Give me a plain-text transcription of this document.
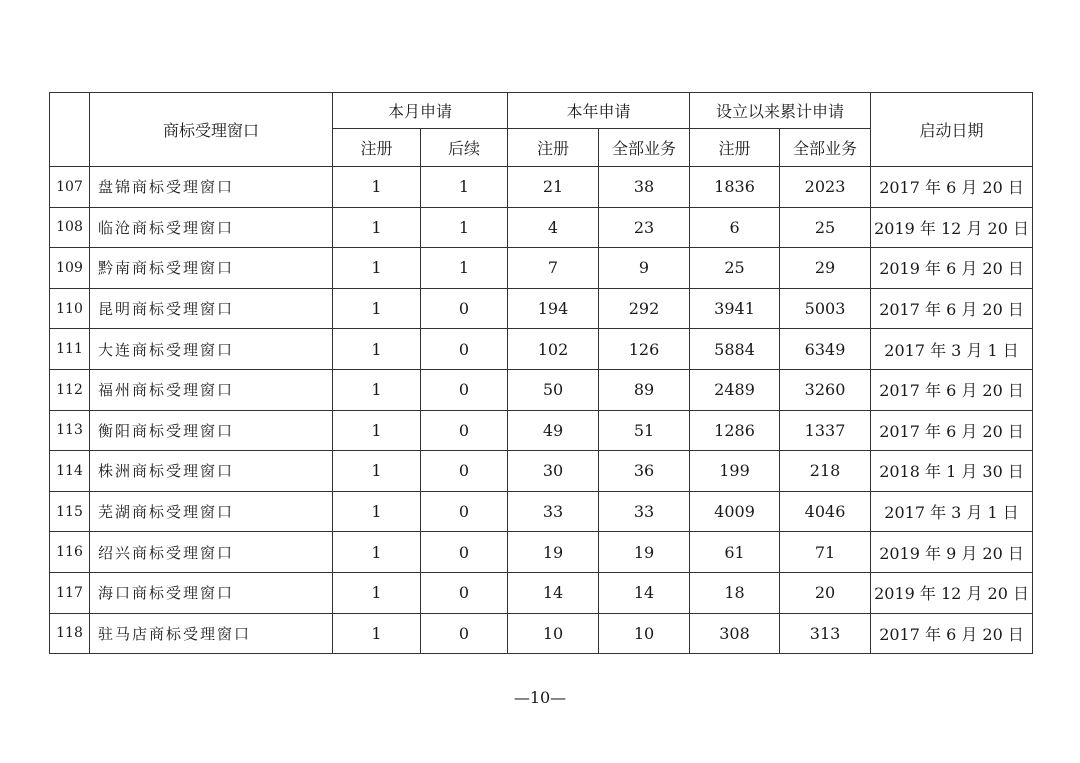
	商标受理窗口	本月申请		本年申请		设立以来累计申请		启动日期
		注册	后续	注册	全部业务	注册	全部业务	
107	盘锦商标受理窗口	1	1	21	38	1836	2023	2017 年 6 月 20 日
108	临沧商标受理窗口	1	1	4	23	6	25	2019 年 12 月 20 日
109	黔南商标受理窗口	1	1	7	9	25	29	2019 年 6 月 20 日
110	昆明商标受理窗口	1	0	194	292	3941	5003	2017 年 6 月 20 日
111	大连商标受理窗口	1	0	102	126	5884	6349	2017 年 3 月 1 日
112	福州商标受理窗口	1	0	50	89	2489	3260	2017 年 6 月 20 日
113	衡阳商标受理窗口	1	0	49	51	1286	1337	2017 年 6 月 20 日
114	株洲商标受理窗口	1	0	30	36	199	218	2018 年 1 月 30 日
115	芜湖商标受理窗口	1	0	33	33	4009	4046	2017 年 3 月 1 日
116	绍兴商标受理窗口	1	0	19	19	61	71	2019 年 9 月 20 日
117	海口商标受理窗口	1	0	14	14	18	20	2019 年 12 月 20 日
118	驻马店商标受理窗口	1	0	10	10	308	313	2017 年 6 月 20 日
—10—
